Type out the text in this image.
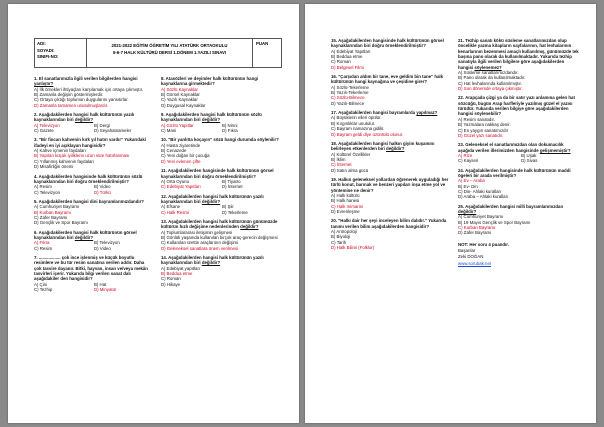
ADI:
SOYADI:
SINIFI-NO:
2021-2022 EĞİTİM ÖĞRETİM YILI ATATÜRK ORTAOKULU
5-6-7 HALK KÜLTÜRÜ DERSİ 1.DÖNEM 1.YAZILI SINAVI
PUAN
1. El sanatlarımızla ilgili verilen bilgilerden hangisi yanlıştır?
A) İlk örnekleri ihtiyaçları karşılamak için ortaya çıkmıştır.
B) Zamanla değişim göstermişlerdir.
C) Ortaya çıktığı toplumun duygularını yansıtırlar.
D) Zamanla tamamen unutulmuşlardır.
2. Aşağıdakilerden hangisi halk kültürünün yazılı kaynaklarından biri değildir?
A) Televizyon	B) Dergi
C) Gazete	D) Seyahatnameler
3. "Bir fincan kahvenin kırk yıl hatırı vardır" Yukarıdaki ifadeyi en iyi açıklayan hangisidir?
A) Kahve içmenin faydaları
B) Yapılan küçük iyiliklerin uzun süre hatırlanması
C) Yıllanmış kahvenin faydaları
D) Misafirliğin önemi
4. Aşağıdakilerden hangisinde halk kültürünün sözlü kaynaklarından biri doğru örneklendirilmiştir?
A) Resim	B) Video
C) Televizyon	D) Türkü
5. Aşağıdakilerden hangisi dini bayramlarımızdandır?
A) Cumhuriyet Bayramı
B) Kurban Bayramı
C) Zafer Bayramı
D) Gençlik ve Spor Bayramı
6. Aşağıdakilerden hangisi halk kültürünün görsel kaynaklarından biri değildir?
A) Fıkra	B) Televizyon
C) Resim	D) Video
7. .................. çok ince işlenmiş ve küçük boyutlu resimlere ve bu tür resim sanatına verilen addır. Daha çok tasvire dayanır. Bitki, hayvan, insan ve/veya mekân tasvirleri içerir. Yukarıda bilgi verilen sanat dalı aşağıdakiler den hangisidir?
A) Çini	B) Hat
C) Tezhip	D) Minyatür
8. Atasözleri ve deyimler halk kültürünün hangi kaynaklarına girmektedir?
A) Sözlü Kaynaklar
B) Görsel Kaynaklar
C) Yazılı Kaynaklar
D) Duygusal Kaynaklar
9. Aşağıdakilerden hangisi halk kültürünün sözlü kaynaklarından biri değildir?
A) Gözlü Yapıtlar	B) Ninni
C) Mani	D) Fıkra
10. "Bir yanlıtta koçayın" sözü hangi durumda söylenilir?
A) Hasta ziyaretinde
B) Cenazede
C) Yeni doğan bir çocuğa
D) Yeni evlenen çifte
11. Aşağıdakilerden hangisinde halk kültürünün görsel kaynaklarından biri doğru örneklendirilmiştir?
A) Orta Oyunu	B) Tiyatro
C) Edebiyat Yapıtları	D) İnternet
12. Aşağıdakilerden hangisi halk kültürünün yazılı kaynaklarından biri değildir?
A) Efsane	B) Şiir
C) Halk Resmi	D) Tekerleme
13. Aşağıdakilerden hangisi halk kültürünün günümüzde kültürün hızlı değişime nedenlerinden değildir?
A) Toplumlararası iletişimin gelişmesi
B) Gönlük yaşamda kullanılan birçok araç-gerecin değişmesi
C) Kullanılan ürettin araçlarının değişimi
D) Geleneksel sanatlara önem verilmesi
14. Aşağıdakilerden hangisi halk kültürünün yazılı kaynaklarından biri değildir?
A) Edebiyat yapıtları
B) Beddua etme
C) Roman
D) Hikaye
15. Aşağıdakilerden hangisinde halk kültürünün görsel kaynaklarından biri doğru örneklendirilmiştir?
A) Edebiyat Yapıtları
B) Beddua etme
C) Roman
D) Belgesel Filmi
16. "Çarşıdan aldım bir tane, eve geldim bin tane" halk kültürünün hangi kaynağına ve çeşidine girer?
A) Sözlü-Tekerleme
B) Yazılı-Tekerleme
C) Sözlü-Bilmece
D) Yazılı-Bilmece
17. Aşağıdakilerden hangisi bayramlarda yapılmaz?
A) Büyüklerin elleri öpülür.
B) Kırgınlıklar unutulur.
C) Bayram namazına gidilir.
D) Bayram geldi diye üzüntülü olunur.
18. Aşağıdakilerden hangisi halkın giyim kuşamını belirleyen etkenlerden biri değildir?
A) Kültürel Özellikler
B) İklim
C) İnternet
D) Satın alma gücü
19. Halkın geleneksel yollardan öğrenerek uyguladığı her türlü konut, barınak ve benzeri yapıları inşa etme yol ve yöntemine ne denir?
A) Halk kültürü
B) Halk hanesi
C) Halk mimarisi
D) Evrenleşme
20. "Halkı dair her şeyi inceleyen bilim dalıdır." Yukarıda tanımı verilen bilim aşağıdakilerden hangisidir?
A) Antropoloji
B) Biyoloji
C) Tarih
D) Halk Bilimi (Folklor)
21. Tezhip sanatı kökü süsleme sanatlarımızdan olup öncelikle yazma kitapların sayfalarının, hat levhalarının kenarlarının bezenmesi amaçlı kullanılmış, günümüzde tek başına pano olarak da kullanılmaktadır. Yukarıda tezhip sanatıyla ilgili verilen bilgilere göre aşağıdakilerden hangisi söylenemez?
A) Süsleme sanatlarımızdandır.
B) Pano olarak da kullanılmaktadır.
C) Hat levhalarında kullanılmıştır.
D) Son dönemde ortaya çıkmıştır.
22. Arapçada çizgi ya da bir satır yazı anlamına gelen hat sözcüğü, bugün Arap harfleriyle yazılmış güzel el yazısı türüdür. Yukarıda verilen bilgiye göre aşağıdakilerden hangisi söylenebilir?
A) Resim sanatıdır.
B) Yazmalara nakkaş denir.
C) En yaygın sanatımızdır
D) Güzel yazı sanatıdır.
23. Geleneksel el sanatlarımızdan olan dokumacılık aşağıda verilen illerimizden hangisinde gelişmemiştir?
A) Rize	B) Uşak
C) Kayseri	D) Sivas
24. Aşağıdakilerden hangisinde halk kültürünün maddi ögeleri bir arada verilmiştir?
A) Ev – Araba
B) Ev- Din
C) Din- Ahlaki kuralları
D) Araba – Ahlaki kuralları
25. Aşağıdakilerden hangisi milli bayramlarımızdan değildir?
A) Cumhuriyet Bayramı
B) 19 Mayıs Gençlik ve Spor Bayramı
C) Kurban Bayramı
D) Zafer Bayramı
NOT: Her soru 4 puandır.
Başarılar
Zeki DOĞAN
www.sorubak.net
